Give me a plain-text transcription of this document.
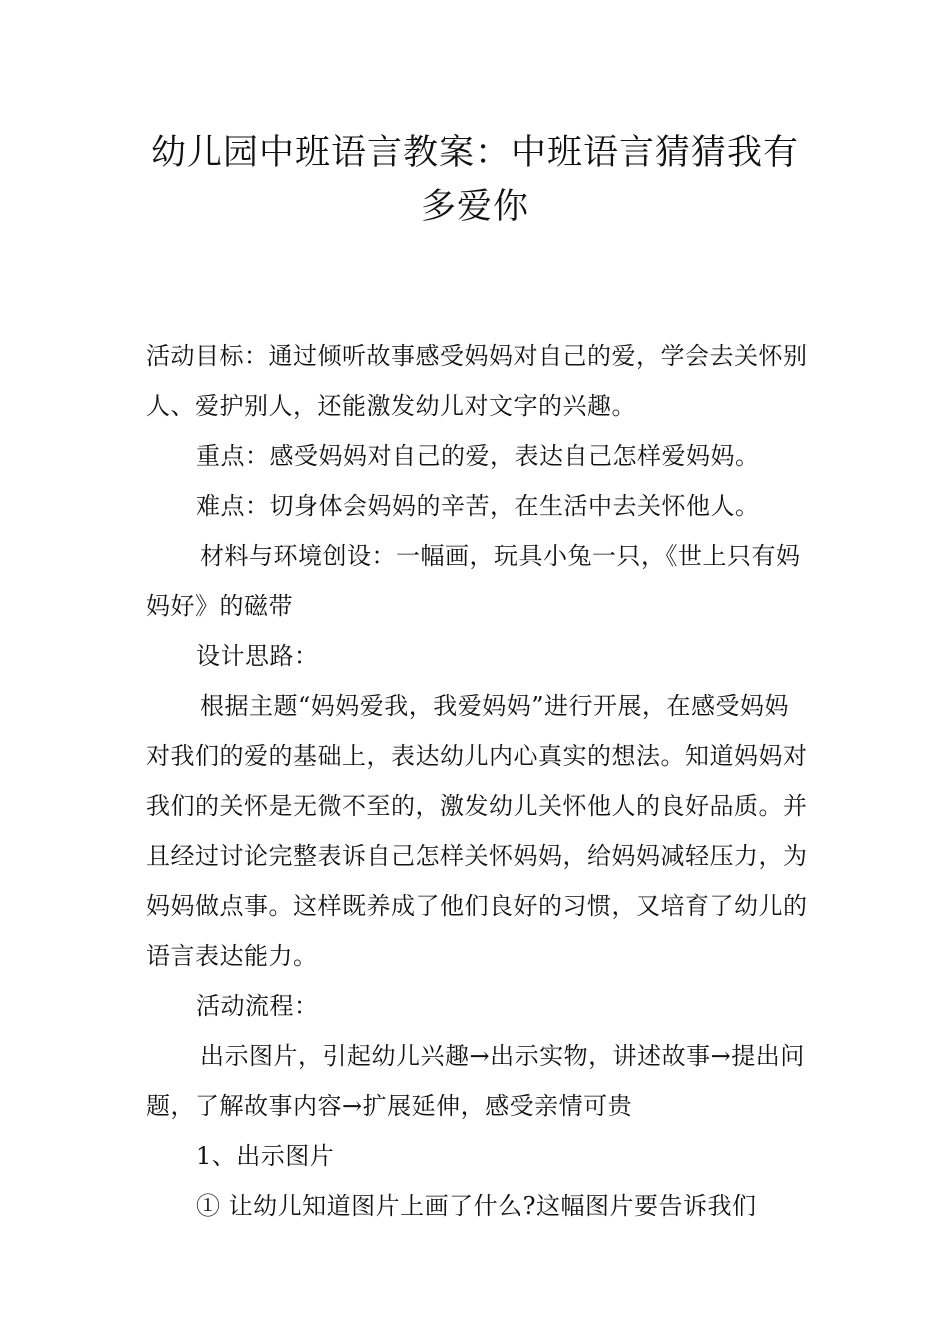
幼儿园中班语言教案：中班语言猜猜我有
多爱你

活动目标：通过倾听故事感受妈妈对自己的爱，学会去关怀别人、爱护别人，还能激发幼儿对文字的兴趣。

重点：感受妈妈对自己的爱，表达自己怎样爱妈妈。

难点：切身体会妈妈的辛苦，在生活中去关怀他人。

材料与环境创设：一幅画，玩具小兔一只，《世上只有妈妈好》的磁带

设计思路：

根据主题“妈妈爱我，我爱妈妈”进行开展，在感受妈妈对我们的爱的基础上，表达幼儿内心真实的想法。知道妈妈对我们的关怀是无微不至的，激发幼儿关怀他人的良好品质。并且经过讨论完整表诉自己怎样关怀妈妈，给妈妈减轻压力，为妈妈做点事。这样既养成了他们良好的习惯，又培育了幼儿的语言表达能力。

活动流程：

出示图片，引起幼儿兴趣→出示实物，讲述故事→提出问题，了解故事内容→扩展延伸，感受亲情可贵

1、出示图片

① 让幼儿知道图片上画了什么?这幅图片要告诉我们
